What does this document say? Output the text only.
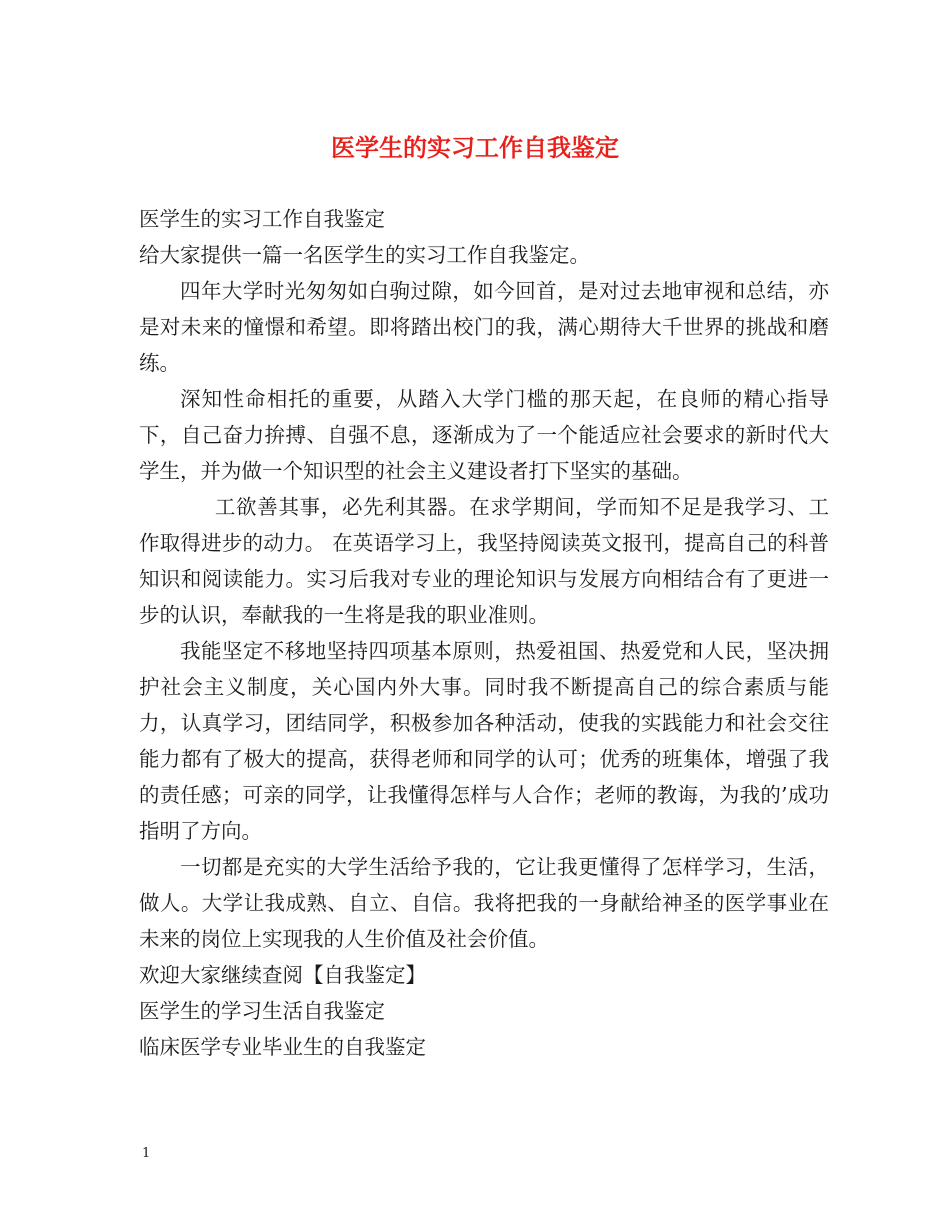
医学生的实习工作自我鉴定

医学生的实习工作自我鉴定

给大家提供一篇一名医学生的实习工作自我鉴定。

四年大学时光匆匆如白驹过隙，如今回首，是对过去地审视和总结，亦是对未来的憧憬和希望。即将踏出校门的我，满心期待大千世界的挑战和磨练。

深知性命相托的重要，从踏入大学门槛的那天起，在良师的精心指导下，自己奋力拚搏、自强不息，逐渐成为了一个能适应社会要求的新时代大学生，并为做一个知识型的社会主义建设者打下坚实的基础。

工欲善其事，必先利其器。在求学期间，学而知不足是我学习、工作取得进步的动力。 在英语学习上，我坚持阅读英文报刊，提高自己的科普知识和阅读能力。实习后我对专业的理论知识与发展方向相结合有了更进一步的认识，奉献我的一生将是我的职业准则。

我能坚定不移地坚持四项基本原则，热爱祖国、热爱党和人民，坚决拥护社会主义制度，关心国内外大事。同时我不断提高自己的综合素质与能力，认真学习，团结同学，积极参加各种活动，使我的实践能力和社会交往能力都有了极大的提高，获得老师和同学的认可；优秀的班集体，增强了我的责任感；可亲的同学，让我懂得怎样与人合作；老师的教诲，为我的’成功指明了方向。

一切都是充实的大学生活给予我的，它让我更懂得了怎样学习，生活，做人。大学让我成熟、自立、自信。我将把我的一身献给神圣的医学事业在未来的岗位上实现我的人生价值及社会价值。

欢迎大家继续查阅【自我鉴定】

医学生的学习生活自我鉴定

临床医学专业毕业生的自我鉴定

1
